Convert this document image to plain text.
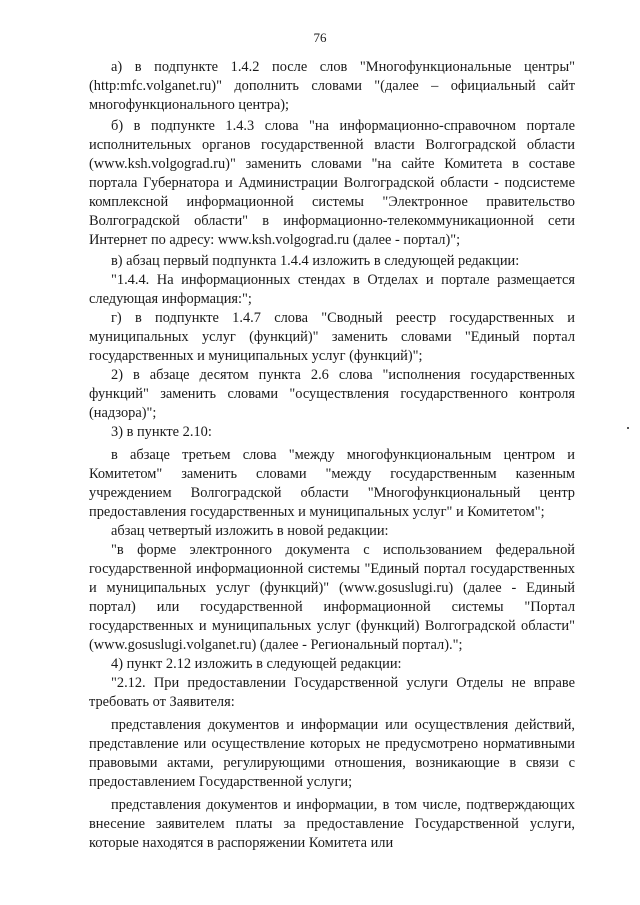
76

а) в подпункте 1.4.2 после слов "Многофункциональные центры" (http:mfc.volganet.ru)" дополнить словами "(далее – официальный сайт многофункционального центра);

б) в подпункте 1.4.3 слова "на информационно-справочном портале исполнительных органов государственной власти Волгоградской области (www.ksh.volgograd.ru)" заменить словами "на сайте Комитета в составе портала Губернатора и Администрации Волгоградской области - подсистеме комплексной информационной системы "Электронное правительство Волгоградской области" в информационно-телекоммуникационной сети Интернет по адресу: www.ksh.volgograd.ru (далее - портал)";

в) абзац первый подпункта 1.4.4 изложить в следующей редакции:

"1.4.4. На информационных стендах в Отделах и портале размещается следующая информация:";

г) в подпункте 1.4.7 слова "Сводный реестр государственных и муниципальных услуг (функций)" заменить словами "Единый портал государственных и муниципальных услуг (функций)";

2) в абзаце десятом пункта 2.6 слова "исполнения государственных функций" заменить словами "осуществления государственного контроля (надзора)";

3) в пункте 2.10:

в абзаце третьем слова "между многофункциональным центром и Комитетом" заменить словами "между государственным казенным учреждением Волгоградской области "Многофункциональный центр предоставления государственных и муниципальных услуг" и Комитетом";

абзац четвертый изложить в новой редакции:

"в форме электронного документа с использованием федеральной государственной информационной системы "Единый портал государственных и муниципальных услуг (функций)" (www.gosuslugi.ru) (далее - Единый портал) или государственной информационной системы "Портал государственных и муниципальных услуг (функций) Волгоградской области" (www.gosuslugi.volganet.ru) (далее - Региональный портал).";

4) пункт 2.12 изложить в следующей редакции:

"2.12. При предоставлении Государственной услуги Отделы не вправе требовать от Заявителя:

представления документов и информации или осуществления действий, представление или осуществление которых не предусмотрено нормативными правовыми актами, регулирующими отношения, возникающие в связи с предоставлением Государственной услуги;

представления документов и информации, в том числе, подтверждающих внесение заявителем платы за предоставление Государственной услуги, которые находятся в распоряжении Комитета или
